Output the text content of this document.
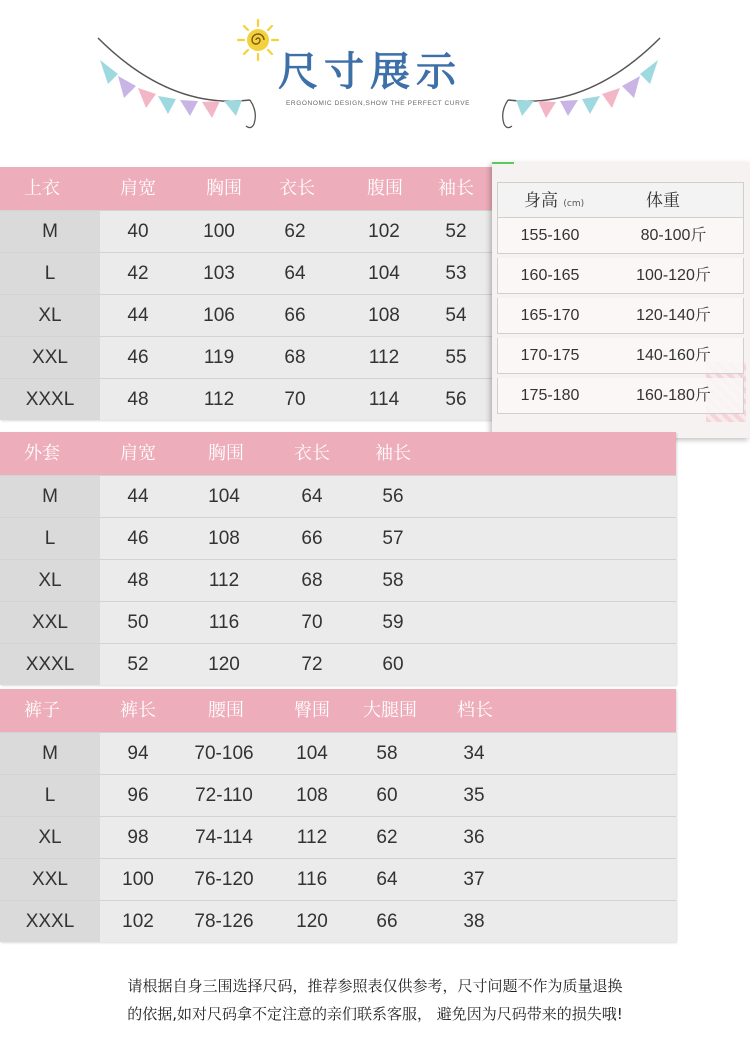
尺寸展示
ERGONOMIC DESIGN,SHOW THE PERFECT CURVE
上衣	肩宽	胸围 衣长	腹围 袖长
M	40	100	62	102 52
L	42	103	64	104 53
XL	44	106	66	108 54
XXL	46	119	68	112 55
XXXL	48	112	70	114 56
身高 (cm)	体重
155-160	80-100斤
160-165	100-120斤
165-170	120-140斤
170-175	140-160斤
175-180	160-180斤
外套	肩宽	胸围	衣长	袖长
M	44	104	64	56
L	46	108	66	57
XL	48	112	68	58
XXL	50	116	70	59
XXXL	52	120	72	60
裤子	裤长	腰围	臀围 大腿围 档长
M	94 70-106 104	58	34
L	96 72-110 108	60	35
XL	98 74-114 112	62	36
XXL	100 76-120 116	64	37
XXXL	102 78-126 120	66	38
请根据自身三围选择尺码，推荐参照表仅供参考，尺寸问题不作为质量退换
的依据,如对尺码拿不定注意的亲们联系客服， 避免因为尺码带来的损失哦!
